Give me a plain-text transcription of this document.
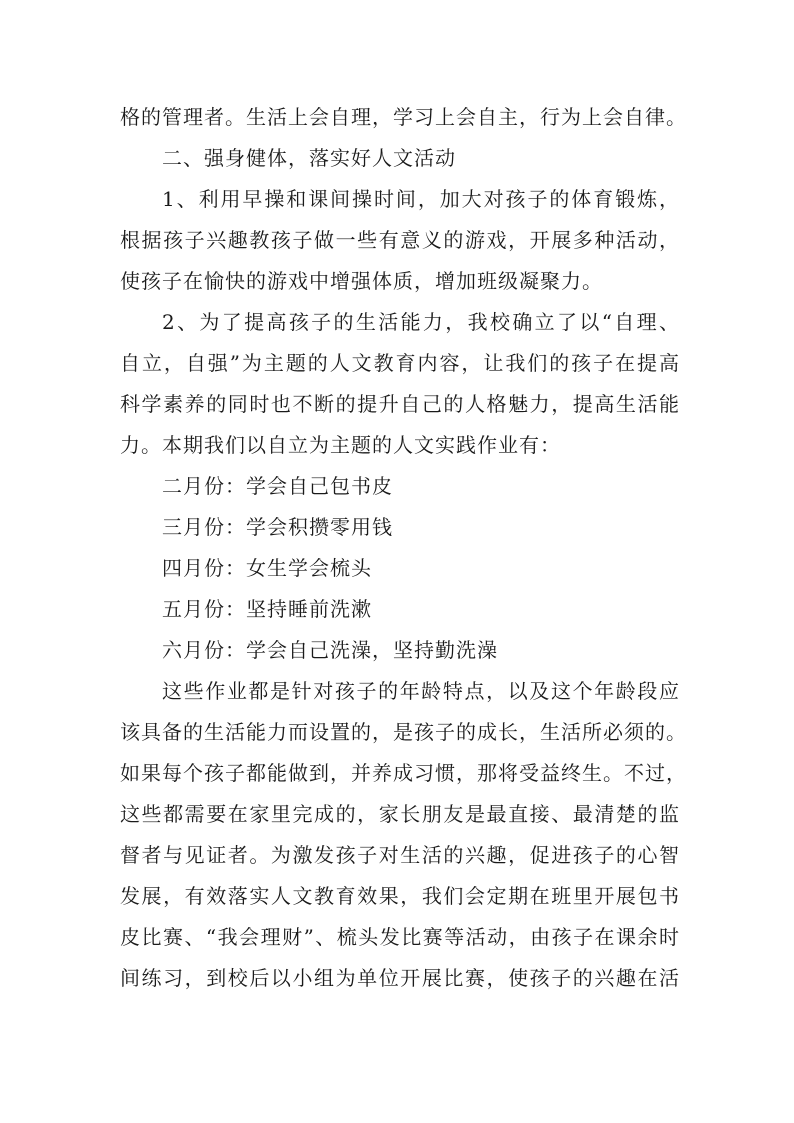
格的管理者。生活上会自理，学习上会自主，行为上会自律。
二、强身健体，落实好人文活动
1、利用早操和课间操时间，加大对孩子的体育锻炼，
根据孩子兴趣教孩子做一些有意义的游戏，开展多种活动，
使孩子在愉快的游戏中增强体质，增加班级凝聚力。
2、为了提高孩子的生活能力，我校确立了以“自理、
自立，自强”为主题的人文教育内容，让我们的孩子在提高
科学素养的同时也不断的提升自己的人格魅力，提高生活能
力。本期我们以自立为主题的人文实践作业有：
二月份：学会自己包书皮
三月份：学会积攒零用钱
四月份：女生学会梳头
五月份：坚持睡前洗漱
六月份：学会自己洗澡，坚持勤洗澡
这些作业都是针对孩子的年龄特点，以及这个年龄段应
该具备的生活能力而设置的，是孩子的成长，生活所必须的。
如果每个孩子都能做到，并养成习惯，那将受益终生。不过，
这些都需要在家里完成的，家长朋友是最直接、最清楚的监
督者与见证者。为激发孩子对生活的兴趣，促进孩子的心智
发展，有效落实人文教育效果，我们会定期在班里开展包书
皮比赛、“我会理财”、梳头发比赛等活动，由孩子在课余时
间练习，到校后以小组为单位开展比赛，使孩子的兴趣在活
